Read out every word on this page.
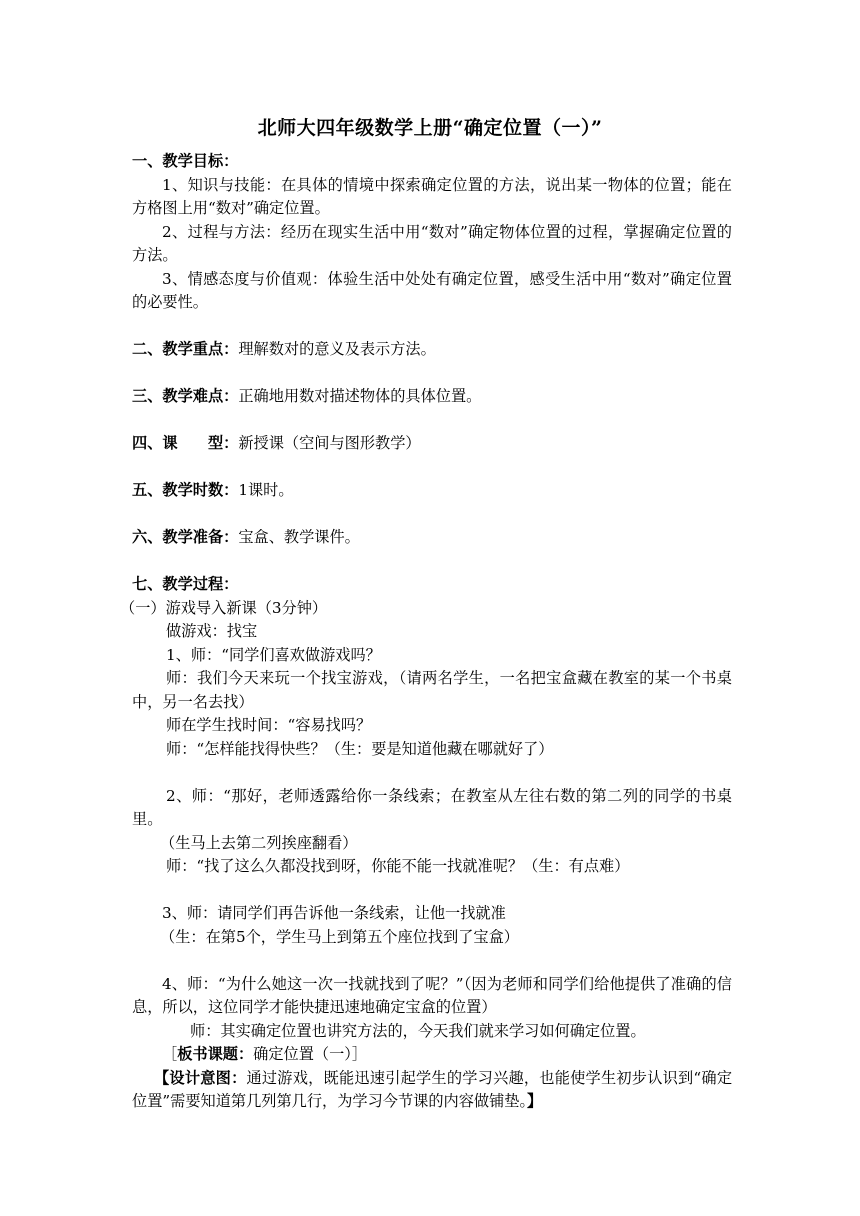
北师大四年级数学上册“确定位置（一）”

一、教学目标：

1、知识与技能：在具体的情境中探索确定位置的方法，说出某一物体的位置；能在方格图上用“数对”确定位置。

2、过程与方法：经历在现实生活中用“数对”确定物体位置的过程，掌握确定位置的方法。

3、情感态度与价值观：体验生活中处处有确定位置，感受生活中用“数对”确定位置的必要性。

二、教学重点：理解数对的意义及表示方法。

三、教学难点：正确地用数对描述物体的具体位置。

四、课　　型：新授课（空间与图形教学）

五、教学时数：1课时。

六、教学准备：宝盒、教学课件。

七、教学过程：

（一）游戏导入新课（3分钟）

做游戏：找宝

1、师：“同学们喜欢做游戏吗？

师：我们今天来玩一个找宝游戏，（请两名学生，一名把宝盒藏在教室的某一个书桌中，另一名去找）

师在学生找时间：“容易找吗？

师：“怎样能找得快些？（生：要是知道他藏在哪就好了）

2、师：“那好，老师透露给你一条线索；在教室从左往右数的第二列的同学的书桌里。

（生马上去第二列挨座翻看）

师：“找了这么久都没找到呀，你能不能一找就准呢？（生：有点难）

3、师：请同学们再告诉他一条线索，让他一找就准

（生：在第5个，学生马上到第五个座位找到了宝盒）

4、师：“为什么她这一次一找就找到了呢？”（因为老师和同学们给他提供了准确的信息，所以，这位同学才能快捷迅速地确定宝盒的位置）

师：其实确定位置也讲究方法的，今天我们就来学习如何确定位置。

［板书课题：确定位置（一）］

【设计意图：通过游戏，既能迅速引起学生的学习兴趣，也能使学生初步认识到“确定位置”需要知道第几列第几行，为学习今节课的内容做铺垫。】
